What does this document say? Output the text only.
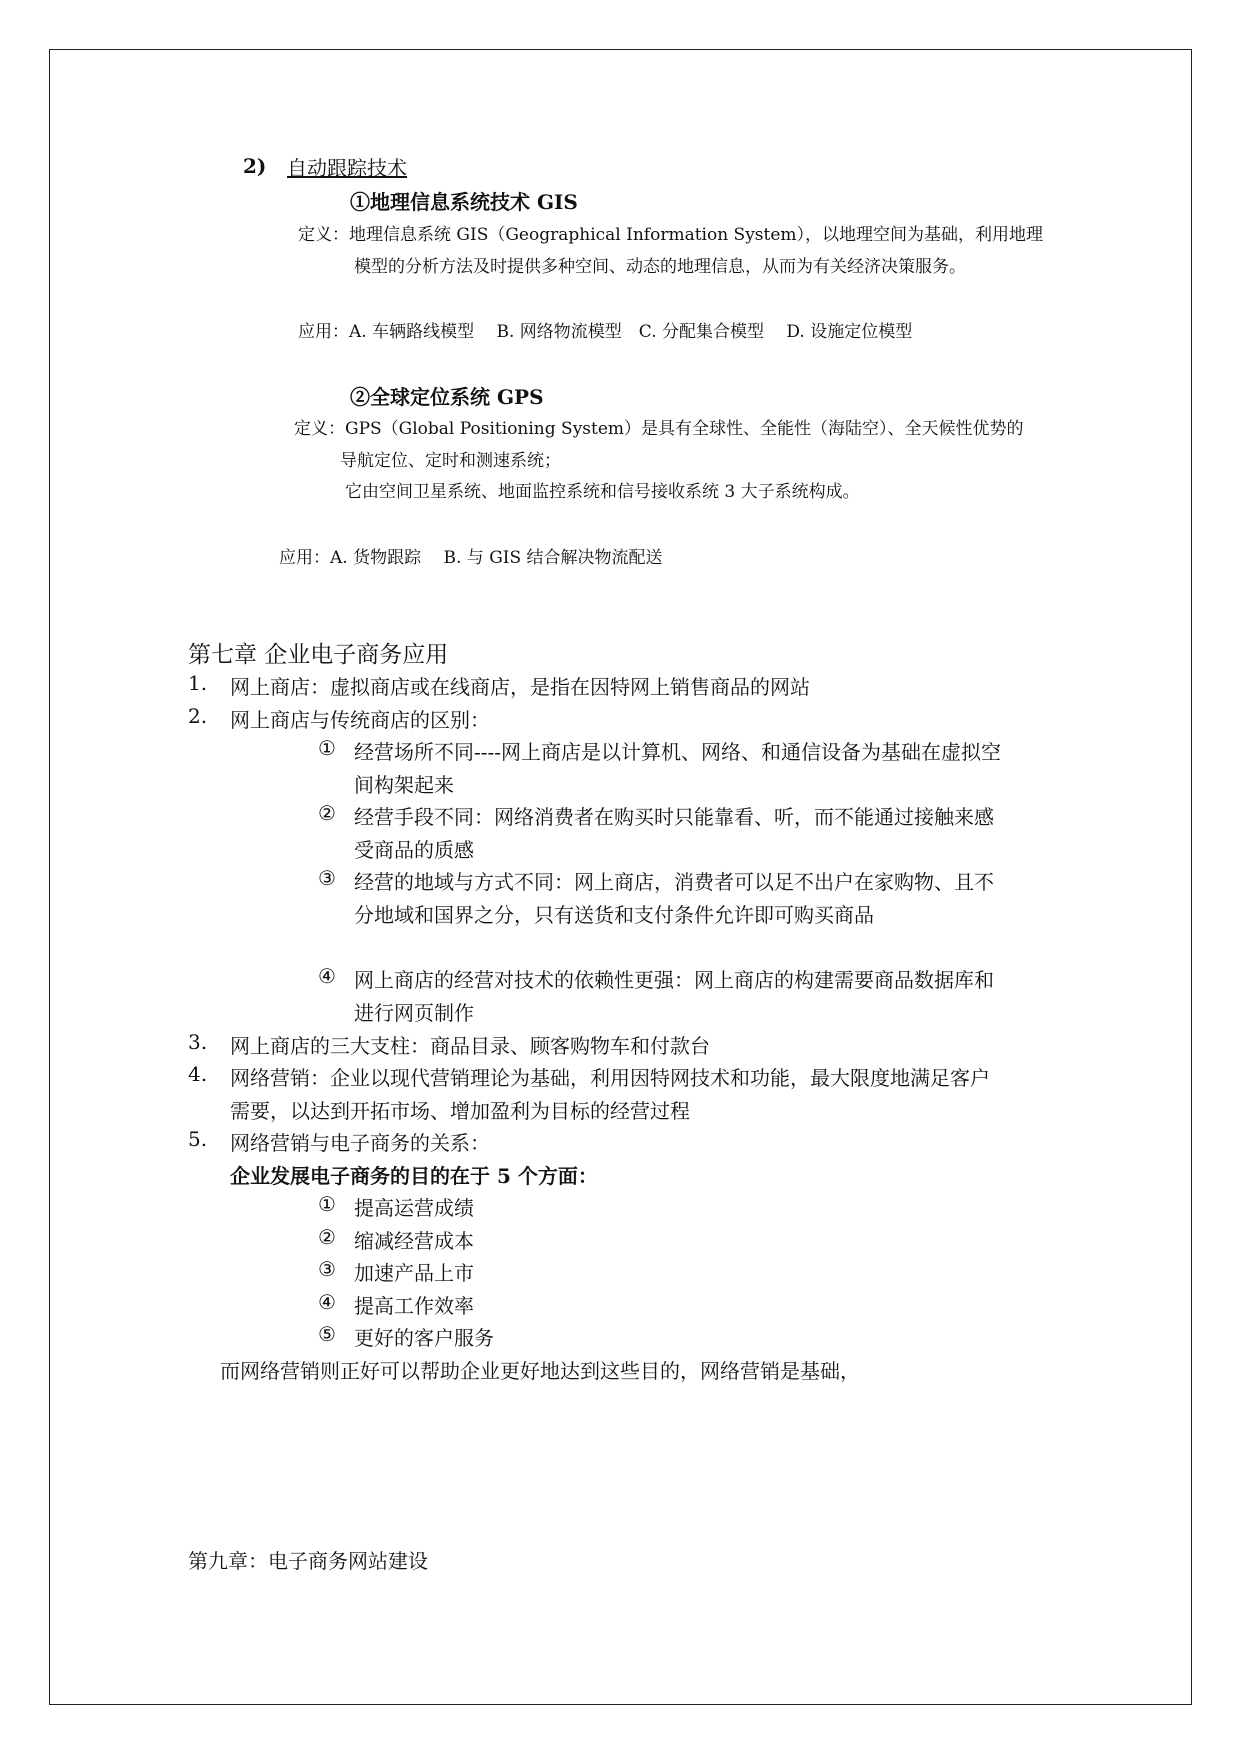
2) 自动跟踪技术
①地理信息系统技术 GIS
定义：地理信息系统 GIS（Geographical Information System），以地理空间为基础，利用地理
模型的分析方法及时提供多种空间、动态的地理信息，从而为有关经济决策服务。
应用：A. 车辆路线模型　 B. 网络物流模型　C. 分配集合模型　 D. 设施定位模型
②全球定位系统 GPS
定义：GPS（Global Positioning System）是具有全球性、全能性（海陆空）、全天候性优势的
导航定位、定时和测速系统；
它由空间卫星系统、地面监控系统和信号接收系统 3 大子系统构成。
应用：A. 货物跟踪　 B. 与 GIS 结合解决物流配送
第七章 企业电子商务应用
1. 网上商店：虚拟商店或在线商店，是指在因特网上销售商品的网站
2. 网上商店与传统商店的区别：
① 经营场所不同----网上商店是以计算机、网络、和通信设备为基础在虚拟空
间构架起来
② 经营手段不同：网络消费者在购买时只能靠看、听，而不能通过接触来感
受商品的质感
③ 经营的地域与方式不同：网上商店，消费者可以足不出户在家购物、且不
分地域和国界之分，只有送货和支付条件允许即可购买商品
④ 网上商店的经营对技术的依赖性更强：网上商店的构建需要商品数据库和
进行网页制作
3. 网上商店的三大支柱：商品目录、顾客购物车和付款台
4. 网络营销：企业以现代营销理论为基础，利用因特网技术和功能，最大限度地满足客户
需要，以达到开拓市场、增加盈利为目标的经营过程
5. 网络营销与电子商务的关系：
企业发展电子商务的目的在于 5 个方面：
① 提高运营成绩
② 缩减经营成本
③ 加速产品上市
④ 提高工作效率
⑤ 更好的客户服务
而网络营销则正好可以帮助企业更好地达到这些目的，网络营销是基础，
第九章：电子商务网站建设
